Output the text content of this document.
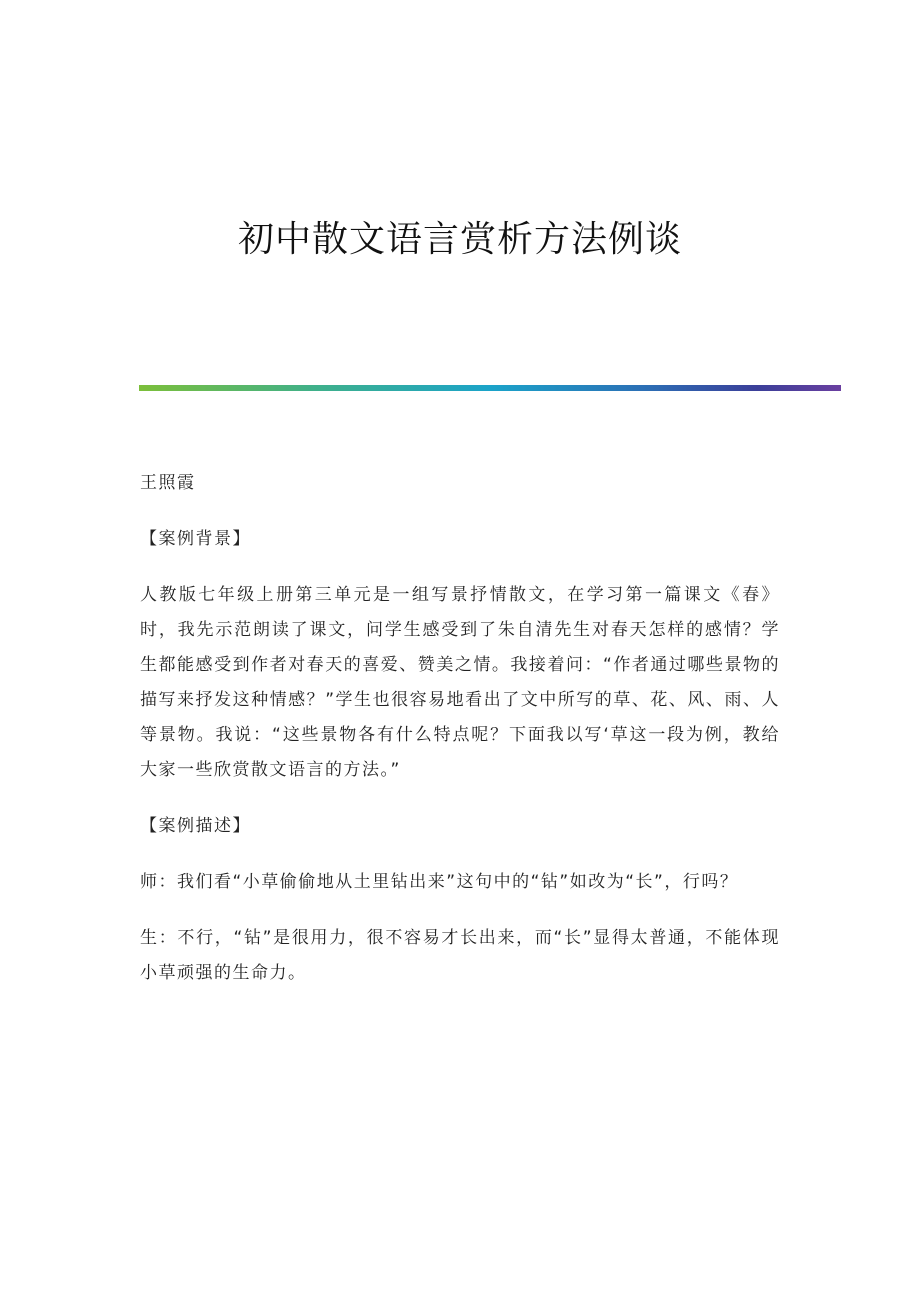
初中散文语言赏析方法例谈

王照霞

【案例背景】

人教版七年级上册第三单元是一组写景抒情散文，在学习第一篇课文《春》时，我先示范朗读了课文，问学生感受到了朱自清先生对春天怎样的感情？学生都能感受到作者对春天的喜爱、赞美之情。我接着问：“作者通过哪些景物的描写来抒发这种情感？”学生也很容易地看出了文中所写的草、花、风、雨、人等景物。我说：“这些景物各有什么特点呢？下面我以写‘草这一段为例，教给大家一些欣赏散文语言的方法。”

【案例描述】

师：我们看“小草偷偷地从土里钻出来”这句中的“钻”如改为“长”，行吗？

生：不行，“钻”是很用力，很不容易才长出来，而“长”显得太普通，不能体现小草顽强的生命力。
